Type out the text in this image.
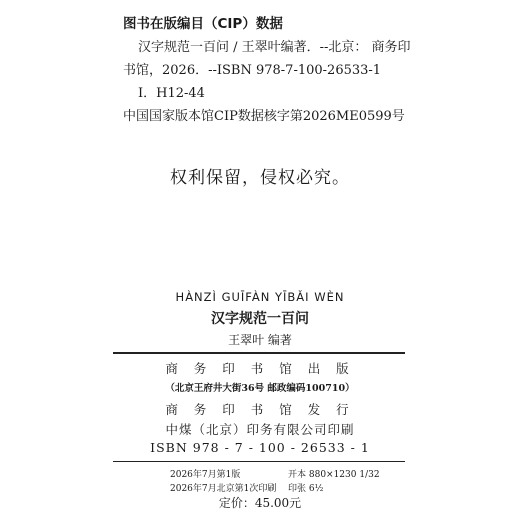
图书在版编目（CIP）数据
汉字规范一百问 / 王翠叶编著．--北京： 商务印
书馆，2026．--ISBN 978-7-100-26533-1
Ⅰ．H12-44
中国国家版本馆CIP数据核字第2026ME0599号
权利保留，侵权必究。
HÀNZÌ GUĪFÀN YĪBǍI WÈN
汉字规范一百问
王翠叶 编著
商 务 印 书 馆 出 版
（北京王府井大街36号 邮政编码100710）
商 务 印 书 馆 发 行
中煤（北京）印务有限公司印刷
ISBN 978 - 7 - 100 - 26533 - 1
2026年7月第1版	开本 880×1230 1/32
2026年7月北京第1次印刷 印张 6½
定价：45.00元
